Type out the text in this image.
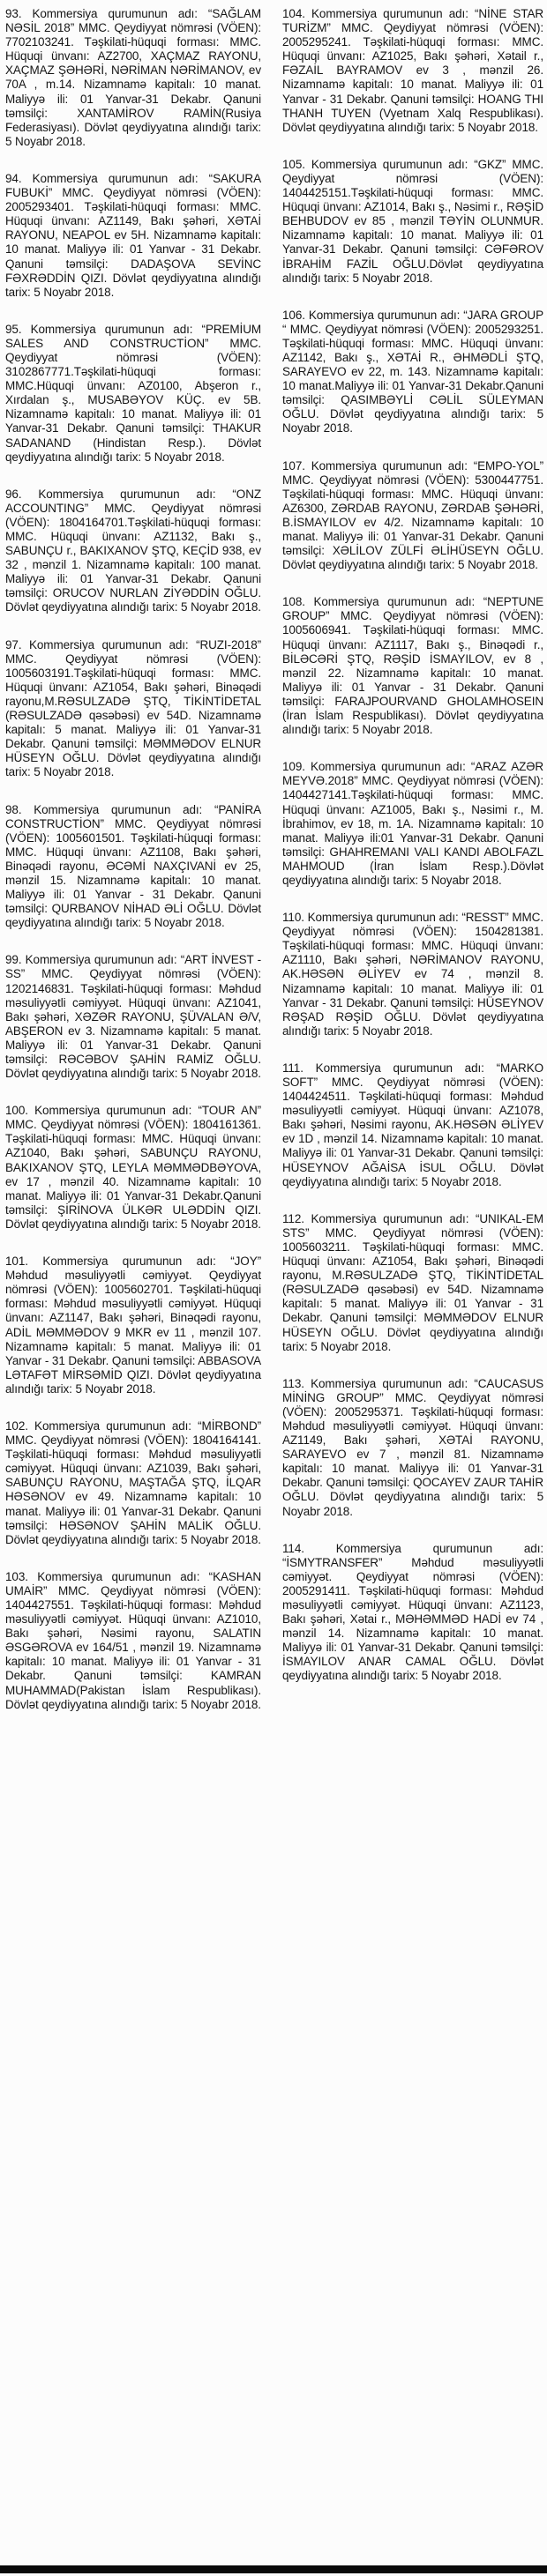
93. Kommersiya qurumunun adı: “SAĞLAM NƏSİL 2018” MMC. Qeydiyyat nömrəsi (VÖEN): 7702103241. Təşkilati-hüquqi forması: MMC. Hüquqi ünvanı: AZ2700, XAÇMAZ RAYONU, XAÇMAZ ŞƏHƏRİ, NƏRİMAN NƏRİMANOV, ev 70A , m.14. Nizamnamə kapitalı: 10 manat. Maliyyə ili: 01 Yanvar-31 Dekabr. Qanuni təmsilçi: XANTAMİROV RAMİN(Rusiya Federasiyası). Dövlət qeydiyyatına alındığı tarix: 5 Noyabr 2018.

94. Kommersiya qurumunun adı: “SAKURA FUBUKİ” MMC. Qeydiyyat nömrəsi (VÖEN): 2005293401. Təşkilati-hüquqi forması: MMC. Hüquqi ünvanı: AZ1149, Bakı şəhəri, XƏTAİ RAYONU, NEAPOL ev 5H. Nizamnamə kapitalı: 10 manat. Maliyyə ili: 01 Yanvar - 31 Dekabr. Qanuni təmsilçi: DADAŞOVA SEVİNC FƏXRƏDDİN QIZI. Dövlət qeydiyyatına alındığı tarix: 5 Noyabr 2018.

95. Kommersiya qurumunun adı: “PREMİUM SALES AND CONSTRUCTİON” MMC. Qeydiyyat nömrəsi (VÖEN): 3102867771.Təşkilati-hüquqi forması: MMC.Hüquqi ünvanı: AZ0100, Abşeron r., Xırdalan ş., MUSABƏYOV KÜÇ. ev 5B. Nizamnamə kapitalı: 10 manat. Maliyyə ili: 01 Yanvar-31 Dekabr. Qanuni təmsilçi: THAKUR SADANAND (Hindistan Resp.). Dövlət qeydiyyatına alındığı tarix: 5 Noyabr 2018.

96. Kommersiya qurumunun adı: “ONZ ACCOUNTING” MMC. Qeydiyyat nömrəsi (VÖEN): 1804164701.Təşkilati-hüquqi forması: MMC. Hüquqi ünvanı: AZ1132, Bakı ş., SABUNÇU r., BAKIXANOV ŞTQ, KEÇİD 938, ev 32 , mənzil 1. Nizamnamə kapitalı: 100 manat. Maliyyə ili: 01 Yanvar-31 Dekabr. Qanuni təmsilçi: ORUCOV NURLAN ZİYƏDDİN OĞLU. Dövlət qeydiyyatına alındığı tarix: 5 Noyabr 2018.

97. Kommersiya qurumunun adı: “RUZI-2018” MMC. Qeydiyyat nömrəsi (VÖEN): 1005603191.Təşkilati-hüquqi forması: MMC. Hüquqi ünvanı: AZ1054, Bakı şəhəri, Binəqədi rayonu,M.RƏSULZADƏ ŞTQ, TİKİNTİDETAL (RƏSULZADƏ qəsəbəsi) ev 54D. Nizamnamə kapitalı: 5 manat. Maliyyə ili: 01 Yanvar-31 Dekabr. Qanuni təmsilçi: MƏMMƏDOV ELNUR HÜSEYN OĞLU. Dövlət qeydiyyatına alındığı tarix: 5 Noyabr 2018.

98. Kommersiya qurumunun adı: “PANİRA CONSTRUCTİON” MMC. Qeydiyyat nömrəsi (VÖEN): 1005601501. Təşkilati-hüquqi forması: MMC. Hüquqi ünvanı: AZ1108, Bakı şəhəri, Binəqədi rayonu, ƏCƏMİ NAXÇIVANİ ev 25, mənzil 15. Nizamnamə kapitalı: 10 manat. Maliyyə ili: 01 Yanvar - 31 Dekabr. Qanuni təmsilçi: QURBANOV NİHAD ƏLİ OĞLU. Dövlət qeydiyyatına alındığı tarix: 5 Noyabr 2018.

99. Kommersiya qurumunun adı: “ART İNVEST -SS” MMC. Qeydiyyat nömrəsi (VÖEN): 1202146831. Təşkilati-hüquqi forması: Məhdud məsuliyyətli cəmiyyət. Hüquqi ünvanı: AZ1041, Bakı şəhəri, XƏZƏR RAYONU, ŞÜVALAN Ə/V, ABŞERON ev 3. Nizamnamə kapitalı: 5 manat. Maliyyə ili: 01 Yanvar-31 Dekabr. Qanuni təmsilçi: RƏCƏBOV ŞAHİN RAMİZ OĞLU. Dövlət qeydiyyatına alındığı tarix: 5 Noyabr 2018.

100. Kommersiya qurumunun adı: “TOUR AN” MMC. Qeydiyyat nömrəsi (VÖEN): 1804161361. Təşkilati-hüquqi forması: MMC. Hüquqi ünvanı: AZ1040, Bakı şəhəri, SABUNÇU RAYONU, BAKIXANOV ŞTQ, LEYLA MƏMMƏDBƏYOVA, ev 17 , mənzil 40. Nizamnamə kapitalı: 10 manat. Maliyyə ili: 01 Yanvar-31 Dekabr.Qanuni təmsilçi: ŞİRİNOVA ÜLKƏR ULƏDDİN QIZI. Dövlət qeydiyyatına alındığı tarix: 5 Noyabr 2018.

101. Kommersiya qurumunun adı: “JOY” Məhdud məsuliyyətli cəmiyyət. Qeydiyyat nömrəsi (VÖEN): 1005602701. Təşkilati-hüquqi forması: Məhdud məsuliyyətli cəmiyyət. Hüquqi ünvanı: AZ1147, Bakı şəhəri, Binəqədi rayonu, ADİL MƏMMƏDOV 9 MKR ev 11 , mənzil 107. Nizamnamə kapitalı: 5 manat. Maliyyə ili: 01 Yanvar - 31 Dekabr. Qanuni təmsilçi: ABBASOVA LƏTAFƏT MİRSƏMİD QIZI. Dövlət qeydiyyatına alındığı tarix: 5 Noyabr 2018.

102. Kommersiya qurumunun adı: “MİRBOND” MMC. Qeydiyyat nömrəsi (VÖEN): 1804164141. Təşkilati-hüquqi forması: Məhdud məsuliyyətli cəmiyyət. Hüquqi ünvanı: AZ1039, Bakı şəhəri, SABUNÇU RAYONU, MAŞTAĞA ŞTQ, İLQAR HƏSƏNOV ev 49. Nizamnamə kapitalı: 10 manat. Maliyyə ili: 01 Yanvar-31 Dekabr. Qanuni təmsilçi: HƏSƏNOV ŞAHİN MALİK OĞLU. Dövlət qeydiyyatına alındığı tarix: 5 Noyabr 2018.

103. Kommersiya qurumunun adı: “KASHAN UMAİR” MMC. Qeydiyyat nömrəsi (VÖEN): 1404427551. Təşkilati-hüquqi forması: Məhdud məsuliyyətli cəmiyyət. Hüquqi ünvanı: AZ1010, Bakı şəhəri, Nəsimi rayonu, SALATIN ƏSGƏROVA ev 164/51 , mənzil 19. Nizamnamə kapitalı: 10 manat. Maliyyə ili: 01 Yanvar - 31 Dekabr. Qanuni təmsilçi: KAMRAN MUHAMMAD(Pakistan İslam Respublikası). Dövlət qeydiyyatına alındığı tarix: 5 Noyabr 2018.

104. Kommersiya qurumunun adı: “NİNE STAR TURİZM” MMC. Qeydiyyat nömrəsi (VÖEN): 2005295241. Təşkilati-hüquqi forması: MMC. Hüquqi ünvanı: AZ1025, Bakı şəhəri, Xətail r., FƏZAİL BAYRAMOV ev 3 , mənzil 26. Nizamnamə kapitalı: 10 manat. Maliyyə ili: 01 Yanvar - 31 Dekabr. Qanuni təmsilçi: HOANG THI THANH TUYEN (Vyetnam Xalq Respublikası). Dövlət qeydiyyatına alındığı tarix: 5 Noyabr 2018.

105. Kommersiya qurumunun adı: “GKZ” MMC. Qeydiyyat nömrəsi (VÖEN): 1404425151.Təşkilati-hüquqi forması: MMC. Hüquqi ünvanı: AZ1014, Bakı ş., Nəsimi r., RƏŞİD BEHBUDOV ev 85 , mənzil TƏYİN OLUNMUR. Nizamnamə kapitalı: 10 manat. Maliyyə ili: 01 Yanvar-31 Dekabr. Qanuni təmsilçi: CƏFƏROV İBRAHİM FAZİL OĞLU.Dövlət qeydiyyatına alındığı tarix: 5 Noyabr 2018.

106. Kommersiya qurumunun adı: “JARA GROUP “ MMC. Qeydiyyat nömrəsi (VÖEN): 2005293251. Təşkilati-hüquqi forması: MMC. Hüquqi ünvanı: AZ1142, Bakı ş., XƏTAİ R., ƏHMƏDLİ ŞTQ, SARAYEVO ev 22, m. 143. Nizamnamə kapitalı: 10 manat.Maliyyə ili: 01 Yanvar-31 Dekabr.Qanuni təmsilçi: QASIMBƏYLİ CƏLİL SÜLEYMAN OĞLU. Dövlət qeydiyyatına alındığı tarix: 5 Noyabr 2018.

107. Kommersiya qurumunun adı: “EMPO-YOL” MMC. Qeydiyyat nömrəsi (VÖEN): 5300447751. Təşkilati-hüquqi forması: MMC. Hüquqi ünvanı: AZ6300, ZƏRDAB RAYONU, ZƏRDAB ŞƏHƏRİ, B.İSMAYILOV ev 4/2. Nizamnamə kapitalı: 10 manat. Maliyyə ili: 01 Yanvar-31 Dekabr. Qanuni təmsilçi: XƏLİLOV ZÜLFİ ƏLİHÜSEYN OĞLU. Dövlət qeydiyyatına alındığı tarix: 5 Noyabr 2018.

108. Kommersiya qurumunun adı: “NEPTUNE GROUP” MMC. Qeydiyyat nömrəsi (VÖEN): 1005606941. Təşkilati-hüquqi forması: MMC. Hüquqi ünvanı: AZ1117, Bakı ş., Binəqədi r., BİLƏCƏRİ ŞTQ, RƏŞİD İSMAYILOV, ev 8 , mənzil 22. Nizamnamə kapitalı: 10 manat. Maliyyə ili: 01 Yanvar - 31 Dekabr. Qanuni təmsilçi: FARAJPOURVAND GHOLAMHOSEIN (İran İslam Respublikası). Dövlət qeydiyyatına alındığı tarix: 5 Noyabr 2018.

109. Kommersiya qurumunun adı: “ARAZ AZƏR MEYVƏ.2018” MMC. Qeydiyyat nömrəsi (VÖEN): 1404427141.Təşkilati-hüquqi forması: MMC. Hüquqi ünvanı: AZ1005, Bakı ş., Nəsimi r., M. İbrahimov, ev 18, m. 1A. Nizamnamə kapitalı: 10 manat. Maliyyə ili:01 Yanvar-31 Dekabr. Qanuni təmsilçi: GHAHREMANI VALI KANDI ABOLFAZL MAHMOUD (İran İslam Resp.).Dövlət qeydiyyatına alındığı tarix: 5 Noyabr 2018.

110. Kommersiya qurumunun adı: “RESST” MMC. Qeydiyyat nömrəsi (VÖEN): 1504281381. Təşkilati-hüquqi forması: MMC. Hüquqi ünvanı: AZ1110, Bakı şəhəri, NƏRİMANOV RAYONU, AK.HƏSƏN ƏLİYEV ev 74 , mənzil 8. Nizamnamə kapitalı: 10 manat. Maliyyə ili: 01 Yanvar - 31 Dekabr. Qanuni təmsilçi: HÜSEYNOV RƏŞAD RƏŞİD OĞLU. Dövlət qeydiyyatına alındığı tarix: 5 Noyabr 2018.

111. Kommersiya qurumunun adı: “MARKO SOFT” MMC. Qeydiyyat nömrəsi (VÖEN): 1404424511. Təşkilati-hüquqi forması: Məhdud məsuliyyətli cəmiyyət. Hüquqi ünvanı: AZ1078, Bakı şəhəri, Nəsimi rayonu, AK.HƏSƏN ƏLİYEV ev 1D , mənzil 14. Nizamnamə kapitalı: 10 manat. Maliyyə ili: 01 Yanvar-31 Dekabr. Qanuni təmsilçi: HÜSEYNOV AĞAİSA İSUL OĞLU. Dövlət qeydiyyatına alındığı tarix: 5 Noyabr 2018.

112. Kommersiya qurumunun adı: “UNIKAL-EM STS” MMC. Qeydiyyat nömrəsi (VÖEN): 1005603211. Təşkilati-hüquqi forması: MMC. Hüquqi ünvanı: AZ1054, Bakı şəhəri, Binəqədi rayonu, M.RƏSULZADƏ ŞTQ, TİKİNTİDETAL (RƏSULZADƏ qəsəbəsi) ev 54D. Nizamnamə kapitalı: 5 manat. Maliyyə ili: 01 Yanvar - 31 Dekabr. Qanuni təmsilçi: MƏMMƏDOV ELNUR HÜSEYN OĞLU. Dövlət qeydiyyatına alındığı tarix: 5 Noyabr 2018.

113. Kommersiya qurumunun adı: “CAUCASUS MİNİNG GROUP” MMC. Qeydiyyat nömrəsi (VÖEN): 2005295371. Təşkilati-hüquqi forması: Məhdud məsuliyyətli cəmiyyət. Hüquqi ünvanı: AZ1149, Bakı şəhəri, XƏTAİ RAYONU, SARAYEVO ev 7 , mənzil 81. Nizamnamə kapitalı: 10 manat. Maliyyə ili: 01 Yanvar-31 Dekabr. Qanuni təmsilçi: QOCAYEV ZAUR TAHİR OĞLU. Dövlət qeydiyyatına alındığı tarix: 5 Noyabr 2018.

114. Kommersiya qurumunun adı: “İSMYTRANSFER” Məhdud məsuliyyətli cəmiyyət. Qeydiyyat nömrəsi (VÖEN): 2005291411. Təşkilati-hüquqi forması: Məhdud məsuliyyətli cəmiyyət. Hüquqi ünvanı: AZ1123, Bakı şəhəri, Xətai r., MƏHƏMMƏD HADİ ev 74 , mənzil 14. Nizamnamə kapitalı: 10 manat. Maliyyə ili: 01 Yanvar-31 Dekabr. Qanuni təmsilçi: İSMAYILOV ANAR CAMAL OĞLU. Dövlət qeydiyyatına alındığı tarix: 5 Noyabr 2018.
